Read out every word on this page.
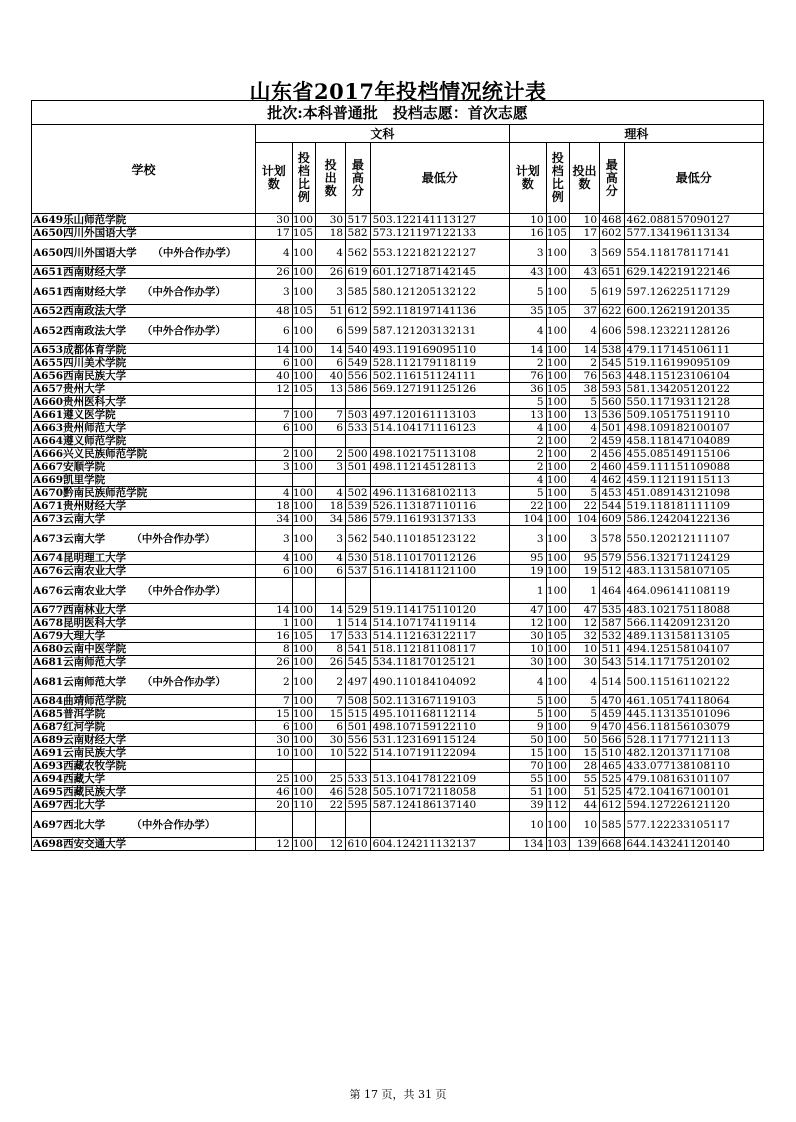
山东省2017年投档情况统计表
批次:本科普通批　投档志愿：首次志愿										
学校	文科					理科				
	计划数	投档比例	投出数	最高分	最低分	计划数	投档比例	投出数	最高分	最低分
A649乐山师范学院	30	100	30	517	503.122141113127	10	100	10	468	462.088157090127
A650四川外国语大学	17	105	18	582	573.121197122133	16	105	17	602	577.134196113134
A650四川外国语大学　　（中外合作办学）	4	100	4	562	553.122182122127	3	100	3	569	554.118178117141
A651西南财经大学	26	100	26	619	601.127187142145	43	100	43	651	629.142219122146
A651西南财经大学　　（中外合作办学）	3	100	3	585	580.121205132122	5	100	5	619	597.126225117129
A652西南政法大学	48	105	51	612	592.118197141136	35	105	37	622	600.126219120135
A652西南政法大学　　（中外合作办学）	6	100	6	599	587.121203132131	4	100	4	606	598.123221128126
A653成都体育学院	14	100	14	540	493.119169095110	14	100	14	538	479.117145106111
A655四川美术学院	6	100	6	549	528.112179118119	2	100	2	545	519.116199095109
A656西南民族大学	40	100	40	556	502.116151124111	76	100	76	563	448.115123106104
A657贵州大学	12	105	13	586	569.127191125126	36	105	38	593	581.134205120122
A660贵州医科大学						5	100	5	560	550.117193112128
A661遵义医学院	7	100	7	503	497.120161113103	13	100	13	536	509.105175119110
A663贵州师范大学	6	100	6	533	514.104171116123	4	100	4	501	498.109182100107
A664遵义师范学院						2	100	2	459	458.118147104089
A666兴义民族师范学院	2	100	2	500	498.102175113108	2	100	2	456	455.085149115106
A667安顺学院	3	100	3	501	498.112145128113	2	100	2	460	459.111151109088
A669凯里学院						4	100	4	462	459.112119115113
A670黔南民族师范学院	4	100	4	502	496.113168102113	5	100	5	453	451.089143121098
A671贵州财经大学	18	100	18	539	526.113187110116	22	100	22	544	519.118181111109
A673云南大学	34	100	34	586	579.116193137133	104	100	104	609	586.124204122136
A673云南大学　　　（中外合作办学）	3	100	3	562	540.110185123122	3	100	3	578	550.120212111107
A674昆明理工大学	4	100	4	530	518.110170112126	95	100	95	579	556.132171124129
A676云南农业大学	6	100	6	537	516.114181121100	19	100	19	512	483.113158107105
A676云南农业大学　　（中外合作办学）						1	100	1	464	464.096141108119
A677西南林业大学	14	100	14	529	519.114175110120	47	100	47	535	483.102175118088
A678昆明医科大学	1	100	1	514	514.107174119114	12	100	12	587	566.114209123120
A679大理大学	16	105	17	533	514.112163122117	30	105	32	532	489.113158113105
A680云南中医学院	8	100	8	541	518.112181108117	10	100	10	511	494.125158104107
A681云南师范大学	26	100	26	545	534.118170125121	30	100	30	543	514.117175120102
A681云南师范大学　　（中外合作办学）	2	100	2	497	490.110184104092	4	100	4	514	500.115161102122
A684曲靖师范学院	7	100	7	508	502.113167119103	5	100	5	470	461.105174118064
A685普洱学院	15	100	15	515	495.101168112114	5	100	5	459	445.113135101096
A687红河学院	6	100	6	501	498.107159122110	9	100	9	470	456.118156103079
A689云南财经大学	30	100	30	556	531.123169115124	50	100	50	566	528.117177121113
A691云南民族大学	10	100	10	522	514.107191122094	15	100	15	510	482.120137117108
A693西藏农牧学院						70	100	28	465	433.077138108110
A694西藏大学	25	100	25	533	513.104178122109	55	100	55	525	479.108163101107
A695西藏民族大学	46	100	46	528	505.107172118058	51	100	51	525	472.104167100101
A697西北大学	20	110	22	595	587.124186137140	39	112	44	612	594.127226121120
A697西北大学　　　（中外合作办学）						10	100	10	585	577.122233105117
A698西安交通大学	12	100	12	610	604.124211132137	134	103	139	668	644.143241120140
第 17 页，共 31 页
